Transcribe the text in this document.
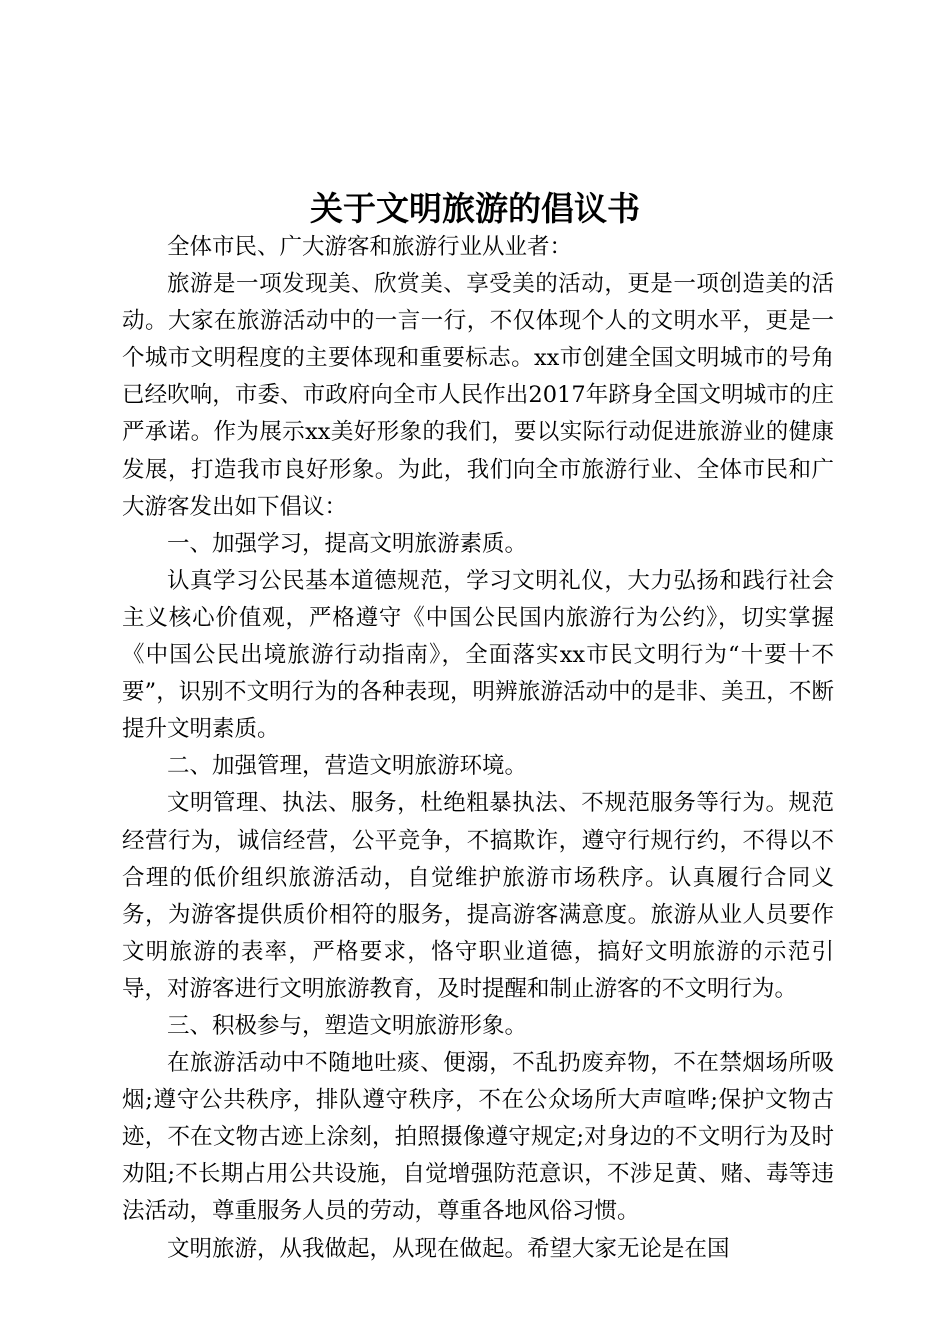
关于文明旅游的倡议书

全体市民、广大游客和旅游行业从业者：

旅游是一项发现美、欣赏美、享受美的活动，更是一项创造美的活动。大家在旅游活动中的一言一行，不仅体现个人的文明水平，更是一个城市文明程度的主要体现和重要标志。xx市创建全国文明城市的号角已经吹响，市委、市政府向全市人民作出2017年跻身全国文明城市的庄严承诺。作为展示xx美好形象的我们，要以实际行动促进旅游业的健康发展，打造我市良好形象。为此，我们向全市旅游行业、全体市民和广大游客发出如下倡议：

一、加强学习，提高文明旅游素质。

认真学习公民基本道德规范，学习文明礼仪，大力弘扬和践行社会主义核心价值观，严格遵守《中国公民国内旅游行为公约》，切实掌握《中国公民出境旅游行动指南》，全面落实xx市民文明行为“十要十不要”，识别不文明行为的各种表现，明辨旅游活动中的是非、美丑，不断提升文明素质。

二、加强管理，营造文明旅游环境。

文明管理、执法、服务，杜绝粗暴执法、不规范服务等行为。规范经营行为，诚信经营，公平竞争，不搞欺诈，遵守行规行约，不得以不合理的低价组织旅游活动，自觉维护旅游市场秩序。认真履行合同义务，为游客提供质价相符的服务，提高游客满意度。旅游从业人员要作文明旅游的表率，严格要求，恪守职业道德，搞好文明旅游的示范引导，对游客进行文明旅游教育，及时提醒和制止游客的不文明行为。

三、积极参与，塑造文明旅游形象。

在旅游活动中不随地吐痰、便溺，不乱扔废弃物，不在禁烟场所吸烟;遵守公共秩序，排队遵守秩序，不在公众场所大声喧哗;保护文物古迹，不在文物古迹上涂刻，拍照摄像遵守规定;对身边的不文明行为及时劝阻;不长期占用公共设施，自觉增强防范意识，不涉足黄、赌、毒等违法活动，尊重服务人员的劳动，尊重各地风俗习惯。

文明旅游，从我做起，从现在做起。希望大家无论是在国
